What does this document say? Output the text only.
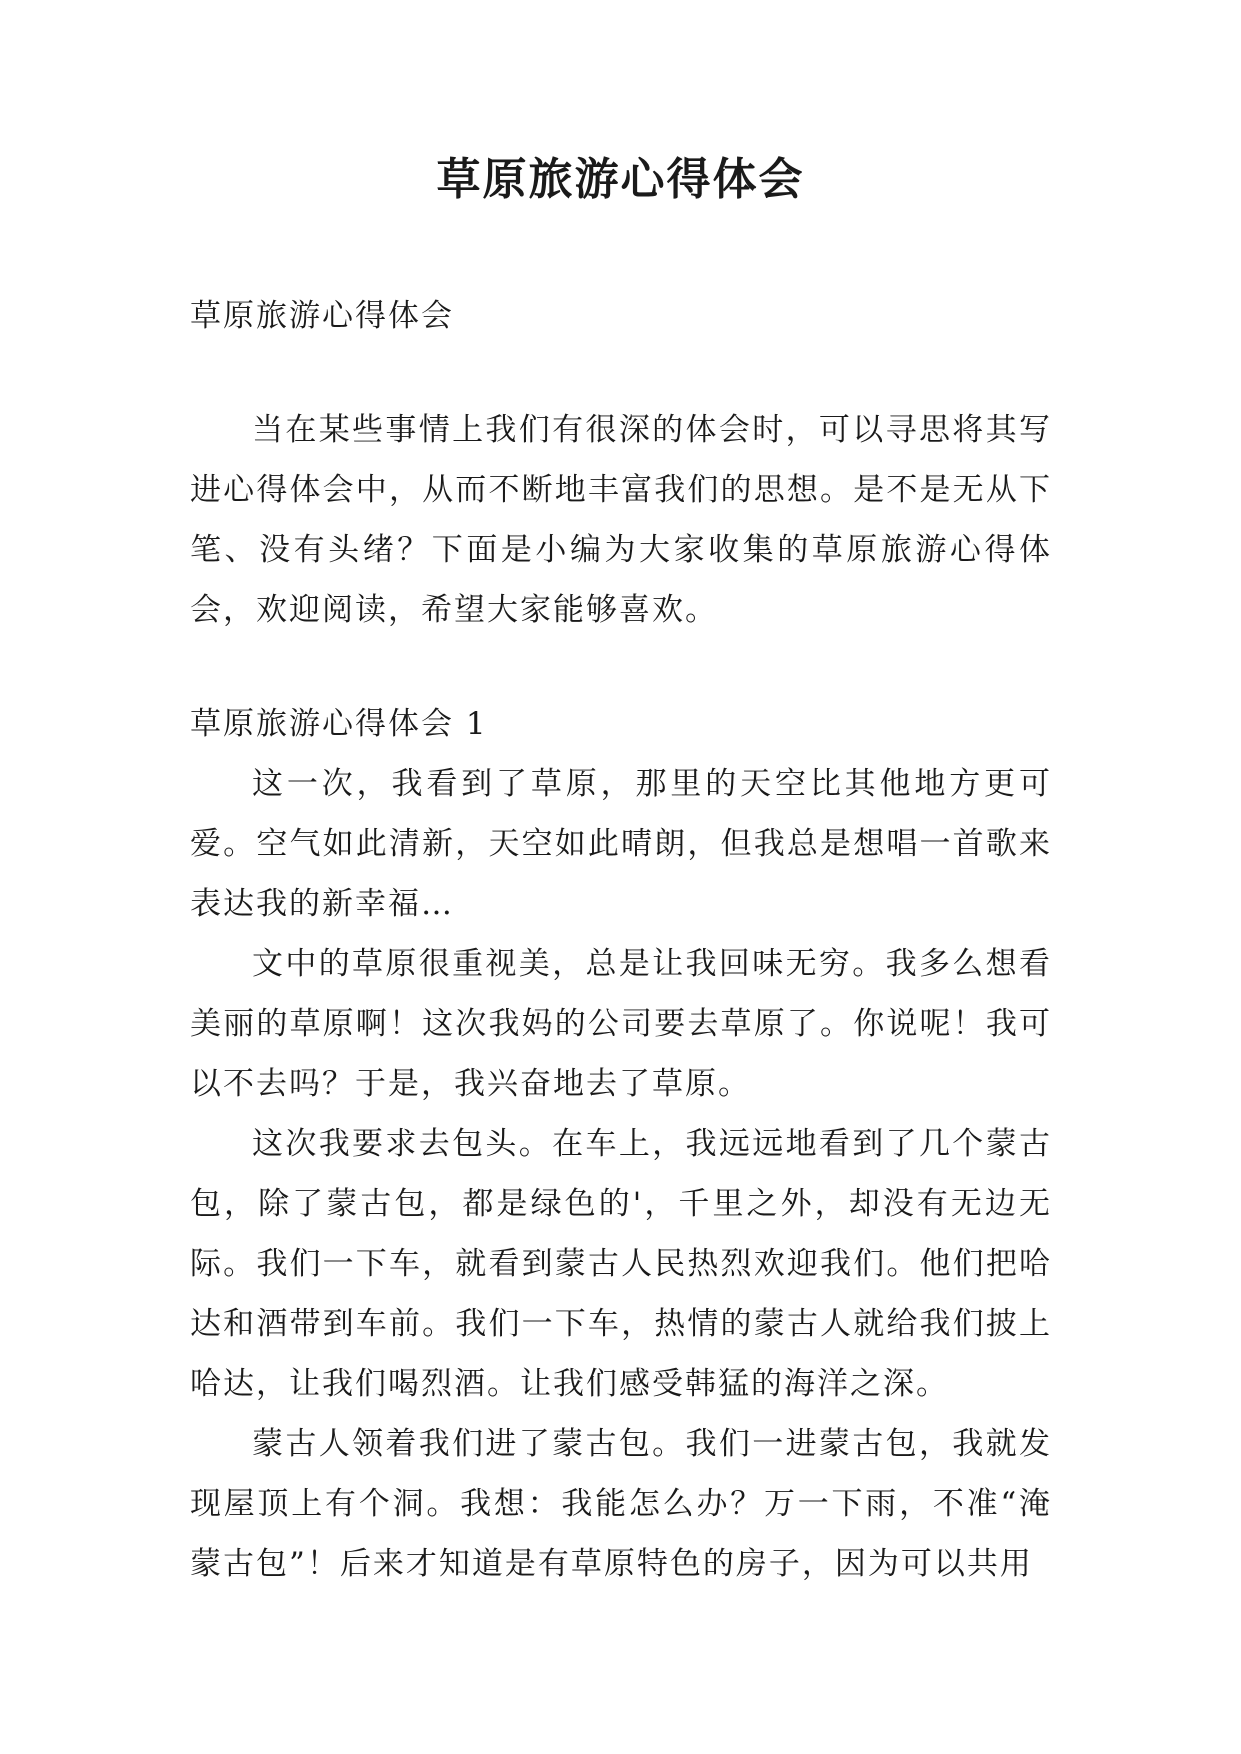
草原旅游心得体会

草原旅游心得体会

当在某些事情上我们有很深的体会时，可以寻思将其写进心得体会中，从而不断地丰富我们的思想。是不是无从下笔、没有头绪？下面是小编为大家收集的草原旅游心得体会，欢迎阅读，希望大家能够喜欢。

草原旅游心得体会 1

这一次，我看到了草原，那里的天空比其他地方更可爱。空气如此清新，天空如此晴朗，但我总是想唱一首歌来表达我的新幸福…

文中的草原很重视美，总是让我回味无穷。我多么想看美丽的草原啊！这次我妈的公司要去草原了。你说呢！我可以不去吗？于是，我兴奋地去了草原。

这次我要求去包头。在车上，我远远地看到了几个蒙古包，除了蒙古包，都是绿色的'，千里之外，却没有无边无际。我们一下车，就看到蒙古人民热烈欢迎我们。他们把哈达和酒带到车前。我们一下车，热情的蒙古人就给我们披上哈达，让我们喝烈酒。让我们感受韩猛的海洋之深。

蒙古人领着我们进了蒙古包。我们一进蒙古包，我就发现屋顶上有个洞。我想：我能怎么办？万一下雨，不准“淹蒙古包”！后来才知道是有草原特色的房子，因为可以共用
